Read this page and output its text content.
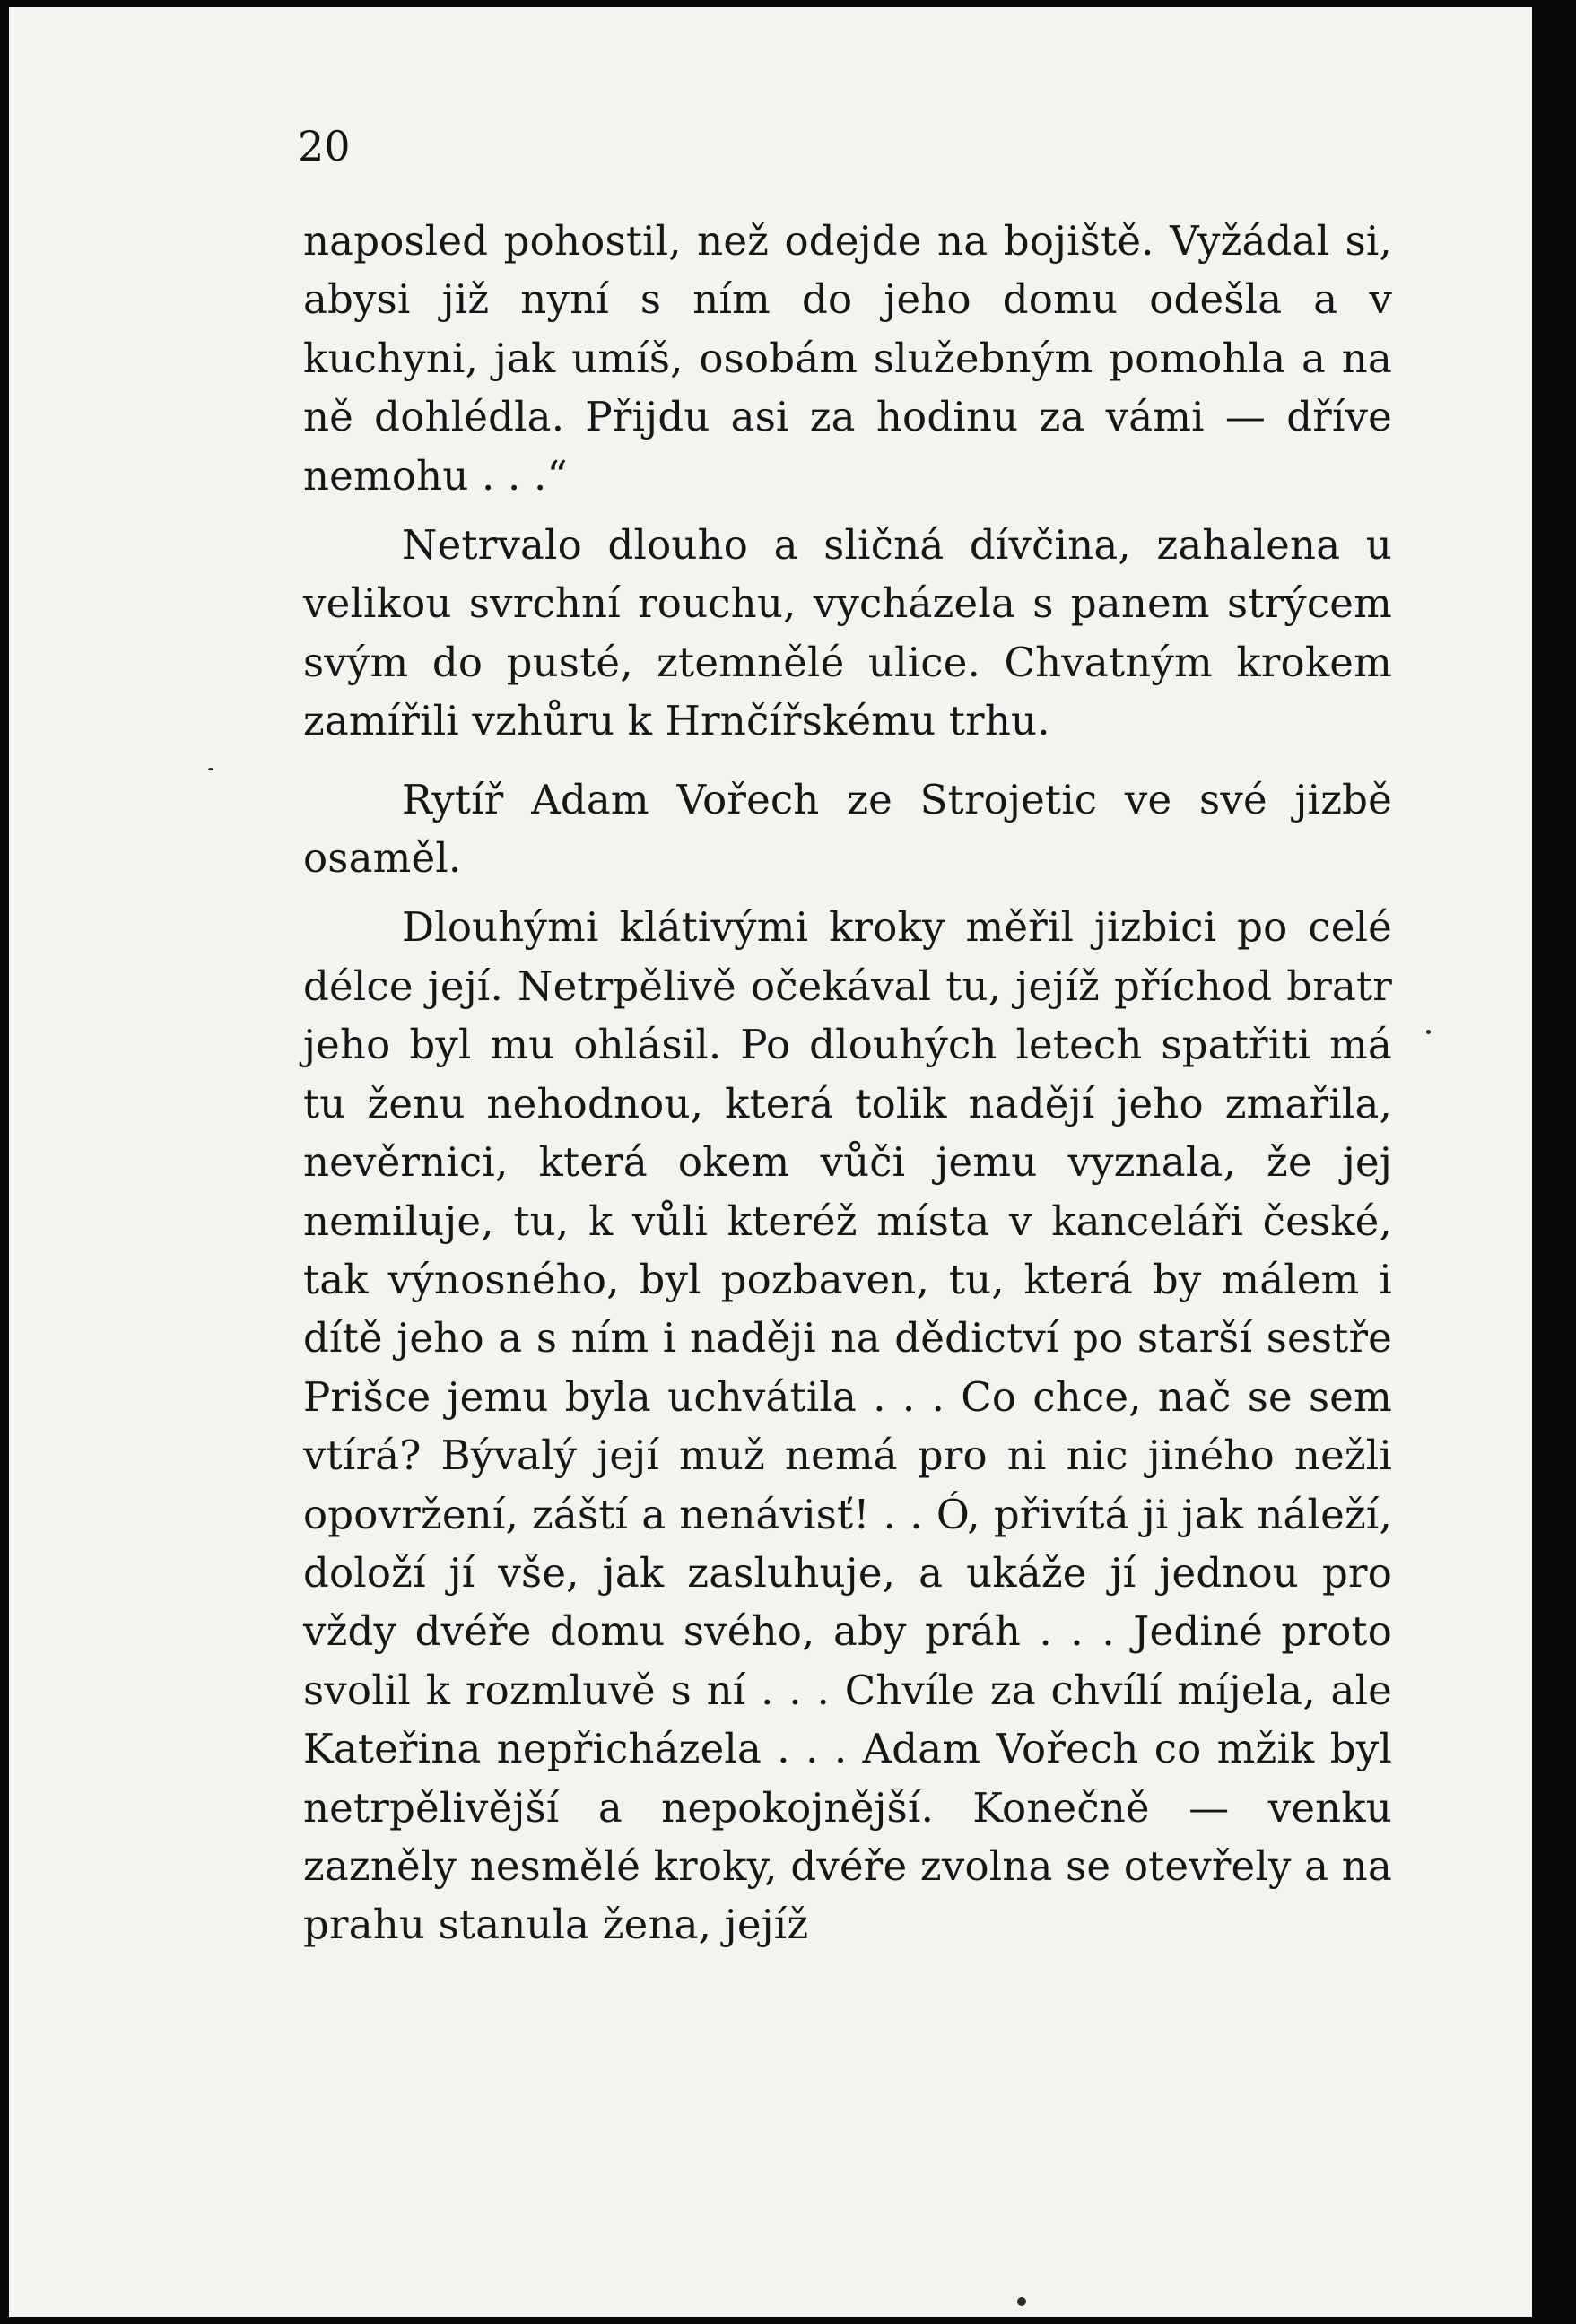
20

naposled pohostil, než odejde na bojiště. Vyžádal si, abysi již nyní s ním do jeho domu odešla a v kuchyni, jak umíš, osobám služebným pomohla a na ně dohlédla. Přijdu asi za hodinu za vámi — dříve nemohu . . .“

Netrvalo dlouho a sličná dívčina, zahalena u velikou svrchní rouchu, vycházela s panem strýcem svým do pusté, ztemnělé ulice. Chvatným krokem zamířili vzhůru k Hrnčířskému trhu.

Rytíř Adam Vořech ze Strojetic ve své jizbě osaměl.

Dlouhými klátivými kroky měřil jizbici po celé délce její. Netrpělivě očekával tu, jejíž příchod bratr jeho byl mu ohlásil. Po dlouhých letech spatřiti má tu ženu nehodnou, která tolik nadějí jeho zmařila, nevěrnici, která okem vůči jemu vyznala, že jej nemiluje, tu, k vůli kteréž místa v kanceláři české, tak výnosného, byl pozbaven, tu, která by málem i dítě jeho a s ním i naději na dědictví po starší sestře Prišce jemu byla uchvátila . . . Co chce, nač se sem vtírá? Bývalý její muž nemá pro ni nic jiného nežli opovržení, záští a nenávisť! . . Ó, přivítá ji jak náleží, doloží jí vše, jak zasluhuje, a ukáže jí jednou pro vždy dvéře domu svého, aby práh . . . Jediné proto svolil k rozmluvě s ní . . . Chvíle za chvílí míjela, ale Kateřina nepřicházela . . . Adam Vořech co mžik byl netrpělivější a nepokojnější. Konečně — venku zazněly nesmělé kroky, dvéře zvolna se otevřely a na prahu stanula žena, jejíž
